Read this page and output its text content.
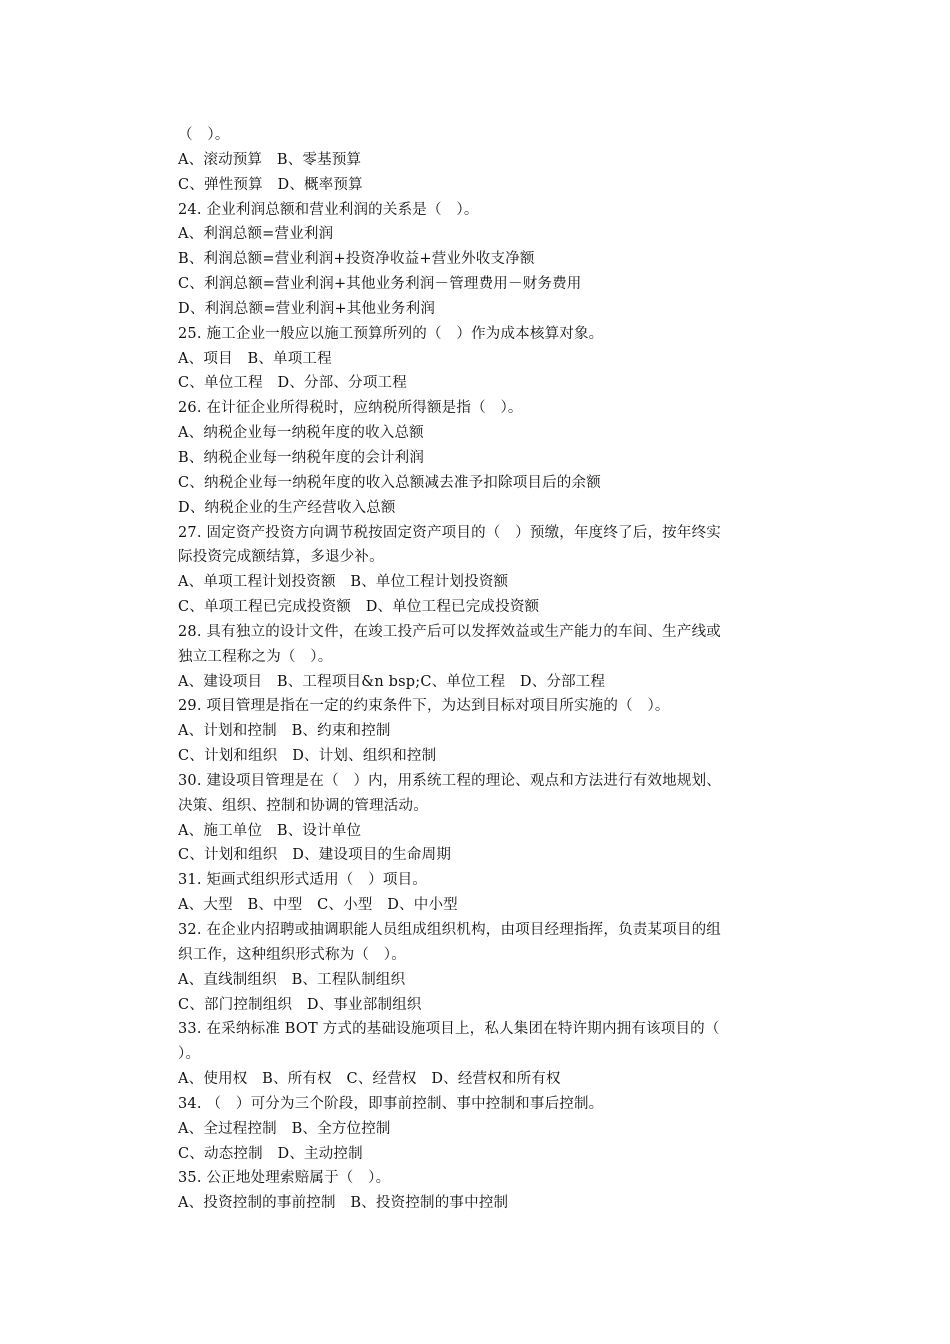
（　）。
A、滚动预算　B、零基预算
C、弹性预算　D、概率预算
24. 企业利润总额和营业利润的关系是（　）。
A、利润总额=营业利润
B、利润总额=营业利润+投资净收益+营业外收支净额
C、利润总额=营业利润+其他业务利润－管理费用－财务费用
D、利润总额=营业利润+其他业务利润
25. 施工企业一般应以施工预算所列的（　）作为成本核算对象。
A、项目　B、单项工程
C、单位工程　D、分部、分项工程
26. 在计征企业所得税时，应纳税所得额是指（　）。
A、纳税企业每一纳税年度的收入总额
B、纳税企业每一纳税年度的会计利润
C、纳税企业每一纳税年度的收入总额减去准予扣除项目后的余额
D、纳税企业的生产经营收入总额
27. 固定资产投资方向调节税按固定资产项目的（　）预缴，年度终了后，按年终实
际投资完成额结算，多退少补。
A、单项工程计划投资额　B、单位工程计划投资额
C、单项工程已完成投资额　D、单位工程已完成投资额
28. 具有独立的设计文件，在竣工投产后可以发挥效益或生产能力的车间、生产线或
独立工程称之为（　）。
A、建设项目　B、工程项目&n bsp;C、单位工程　D、分部工程
29. 项目管理是指在一定的约束条件下，为达到目标对项目所实施的（　）。
A、计划和控制　B、约束和控制
C、计划和组织　D、计划、组织和控制
30. 建设项目管理是在（　）内，用系统工程的理论、观点和方法进行有效地规划、
决策、组织、控制和协调的管理活动。
A、施工单位　B、设计单位
C、计划和组织　D、建设项目的生命周期
31. 矩画式组织形式适用（　）项目。
A、大型　B、中型　C、小型　D、中小型
32. 在企业内招聘或抽调职能人员组成组织机构，由项目经理指挥，负责某项目的组
织工作，这种组织形式称为（　）。
A、直线制组织　B、工程队制组织
C、部门控制组织　D、事业部制组织
33. 在采纳标准 BOT 方式的基础设施项目上，私人集团在特许期内拥有该项目的（
）。
A、使用权　B、所有权　C、经营权　D、经营权和所有权
34. （　）可分为三个阶段，即事前控制、事中控制和事后控制。
A、全过程控制　B、全方位控制
C、动态控制　D、主动控制
35. 公正地处理索赔属于（　）。
A、投资控制的事前控制　B、投资控制的事中控制
